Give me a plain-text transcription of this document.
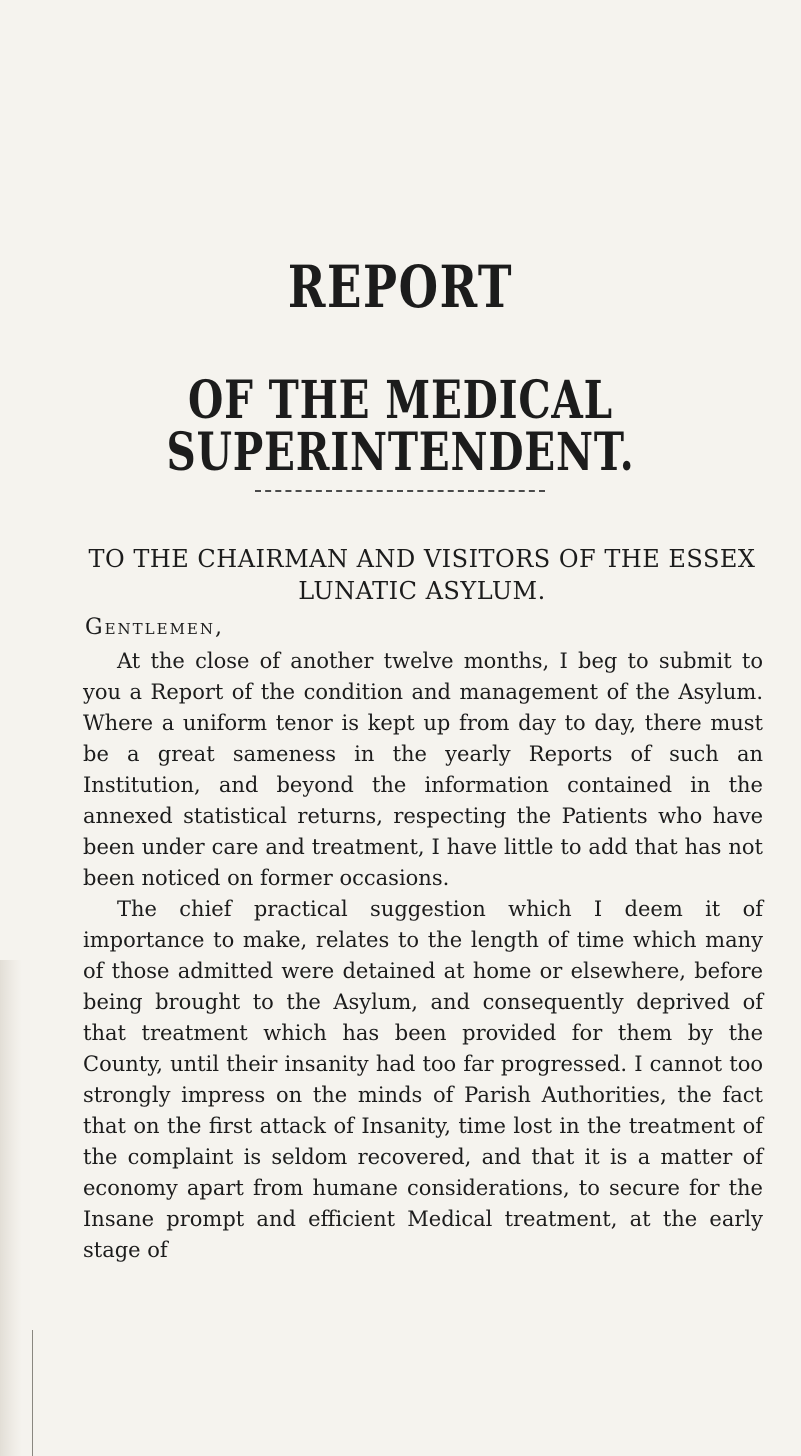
REPORT
OF THE MEDICAL SUPERINTENDENT.
TO THE CHAIRMAN AND VISITORS OF THE ESSEX LUNATIC ASYLUM.
Gentlemen,

At the close of another twelve months, I beg to submit to you a Report of the condition and management of the Asylum. Where a uniform tenor is kept up from day to day, there must be a great sameness in the yearly Reports of such an Institution, and beyond the information contained in the annexed statistical returns, respecting the Patients who have been under care and treatment, I have little to add that has not been noticed on former occasions.

The chief practical suggestion which I deem it of importance to make, relates to the length of time which many of those admitted were detained at home or elsewhere, before being brought to the Asylum, and consequently deprived of that treatment which has been provided for them by the County, until their insanity had too far progressed. I cannot too strongly impress on the minds of Parish Authorities, the fact that on the first attack of Insanity, time lost in the treatment of the complaint is seldom recovered, and that it is a matter of economy apart from humane considerations, to secure for the Insane prompt and efficient Medical treatment, at the early stage of
